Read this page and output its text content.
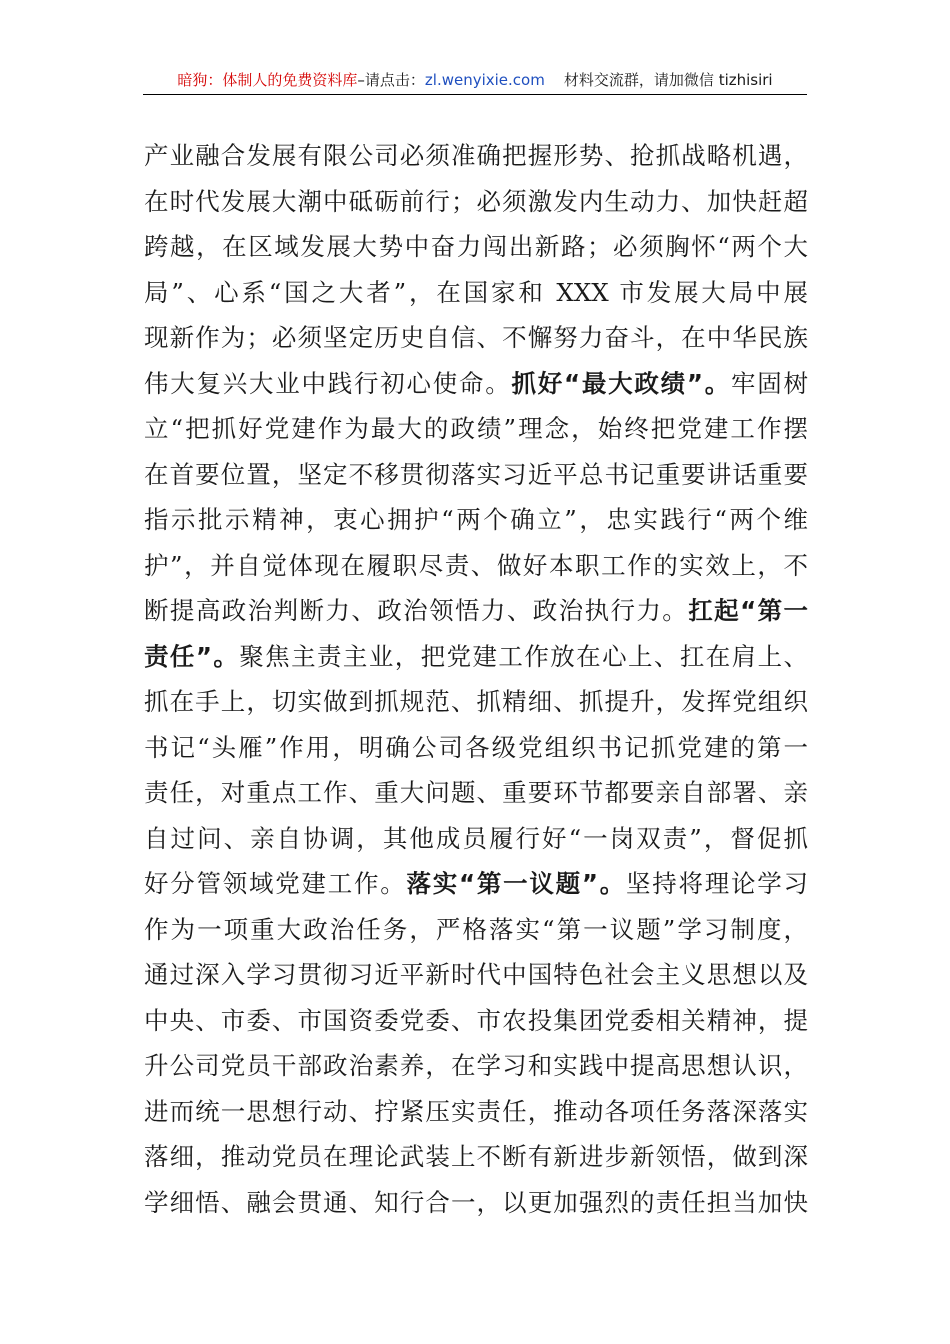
暗狗：体制人的免费资料库–请点击：zl.wenyixie.com 材料交流群，请加微信 tizhisiri
产业融合发展有限公司必须准确把握形势、抢抓战略机遇，
在时代发展大潮中砥砺前行；必须激发内生动力、加快赶超
跨越，在区域发展大势中奋力闯出新路；必须胸怀“两个大
局”、心系“国之大者”，在国家和 XXX 市发展大局中展
现新作为；必须坚定历史自信、不懈努力奋斗，在中华民族
伟大复兴大业中践行初心使命。抓好“最大政绩”。牢固树
立“把抓好党建作为最大的政绩”理念，始终把党建工作摆
在首要位置，坚定不移贯彻落实习近平总书记重要讲话重要
指示批示精神，衷心拥护“两个确立”，忠实践行“两个维
护”，并自觉体现在履职尽责、做好本职工作的实效上，不
断提高政治判断力、政治领悟力、政治执行力。扛起“第一
责任”。聚焦主责主业，把党建工作放在心上、扛在肩上、
抓在手上，切实做到抓规范、抓精细、抓提升，发挥党组织
书记“头雁”作用，明确公司各级党组织书记抓党建的第一
责任，对重点工作、重大问题、重要环节都要亲自部署、亲
自过问、亲自协调，其他成员履行好“一岗双责”，督促抓
好分管领域党建工作。落实“第一议题”。坚持将理论学习
作为一项重大政治任务，严格落实“第一议题”学习制度，
通过深入学习贯彻习近平新时代中国特色社会主义思想以及
中央、市委、市国资委党委、市农投集团党委相关精神，提
升公司党员干部政治素养，在学习和实践中提高思想认识，
进而统一思想行动、拧紧压实责任，推动各项任务落深落实
落细，推动党员在理论武装上不断有新进步新领悟，做到深
学细悟、融会贯通、知行合一，以更加强烈的责任担当加快
